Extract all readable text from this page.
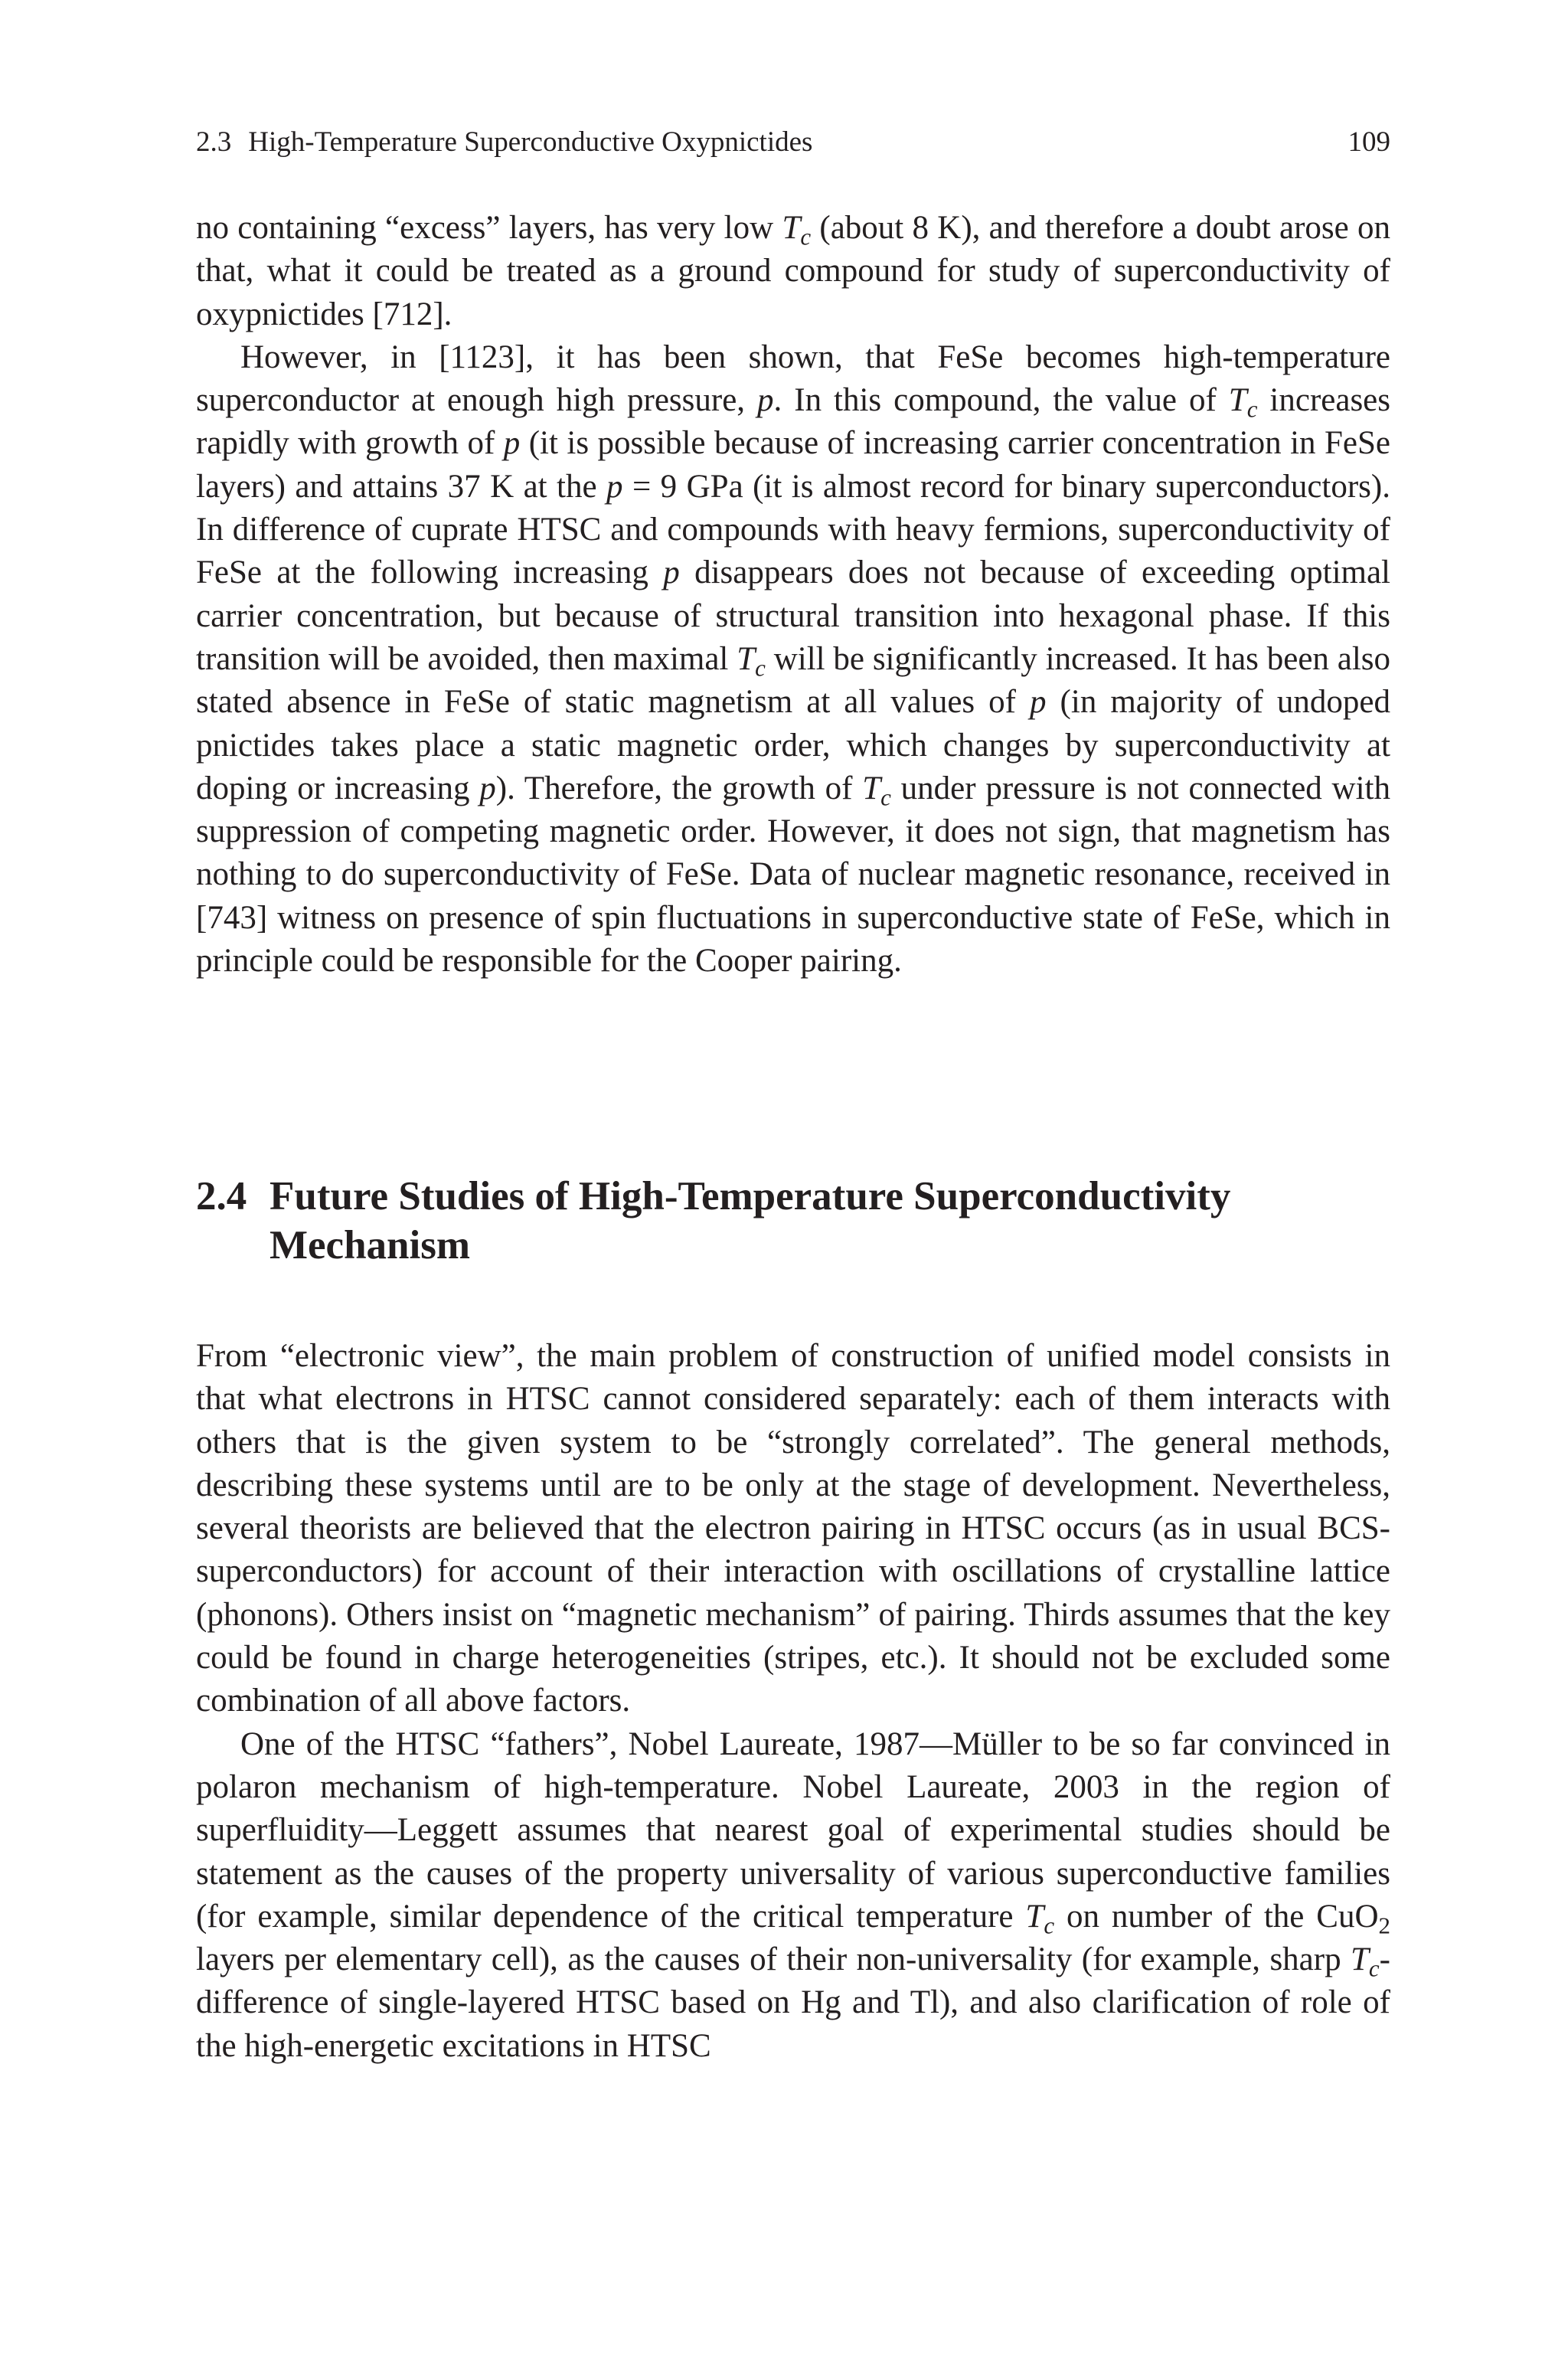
2.3 High-Temperature Superconductive Oxypnictides	109

no containing “excess” layers, has very low $T_c$ (about 8 K), and therefore a doubt arose on that, what it could be treated as a ground compound for study of superconductivity of oxypnictides [712].

However, in [1123], it has been shown, that FeSe becomes high-temperature superconductor at enough high pressure, p. In this compound, the value of $T_c$ increases rapidly with growth of p (it is possible because of increasing carrier concentration in FeSe layers) and attains 37 K at the p = 9 GPa (it is almost record for binary superconductors). In difference of cuprate HTSC and compounds with heavy fermions, superconductivity of FeSe at the following increasing p disappears does not because of exceeding optimal carrier concentration, but because of structural transition into hexagonal phase. If this transition will be avoided, then maximal $T_c$ will be significantly increased. It has been also stated absence in FeSe of static magnetism at all values of p (in majority of undoped pnictides takes place a static magnetic order, which changes by superconductivity at doping or increasing p). Therefore, the growth of $T_c$ under pressure is not connected with suppression of competing magnetic order. However, it does not sign, that magnetism has nothing to do superconductivity of FeSe. Data of nuclear magnetic resonance, received in [743] witness on presence of spin fluctuations in superconductive state of FeSe, which in principle could be responsible for the Cooper pairing.

2.4 Future Studies of High-Temperature Superconductivity Mechanism

From “electronic view”, the main problem of construction of unified model consists in that what electrons in HTSC cannot considered separately: each of them interacts with others that is the given system to be “strongly correlated”. The general methods, describing these systems until are to be only at the stage of development. Nevertheless, several theorists are believed that the electron pairing in HTSC occurs (as in usual BCS-superconductors) for account of their interaction with oscillations of crystalline lattice (phonons). Others insist on “magnetic mechanism” of pairing. Thirds assumes that the key could be found in charge heterogeneities (stripes, etc.). It should not be excluded some combination of all above factors.

One of the HTSC “fathers”, Nobel Laureate, 1987—Müller to be so far convinced in polaron mechanism of high-temperature. Nobel Laureate, 2003 in the region of superfluidity—Leggett assumes that nearest goal of experimental studies should be statement as the causes of the property universality of various superconductive families (for example, similar dependence of the critical temperature $T_c$ on number of the CuO$_2$ layers per elementary cell), as the causes of their non-universality (for example, sharp $T_c$-difference of single-layered HTSC based on Hg and Tl), and also clarification of role of the high-energetic excitations in HTSC
